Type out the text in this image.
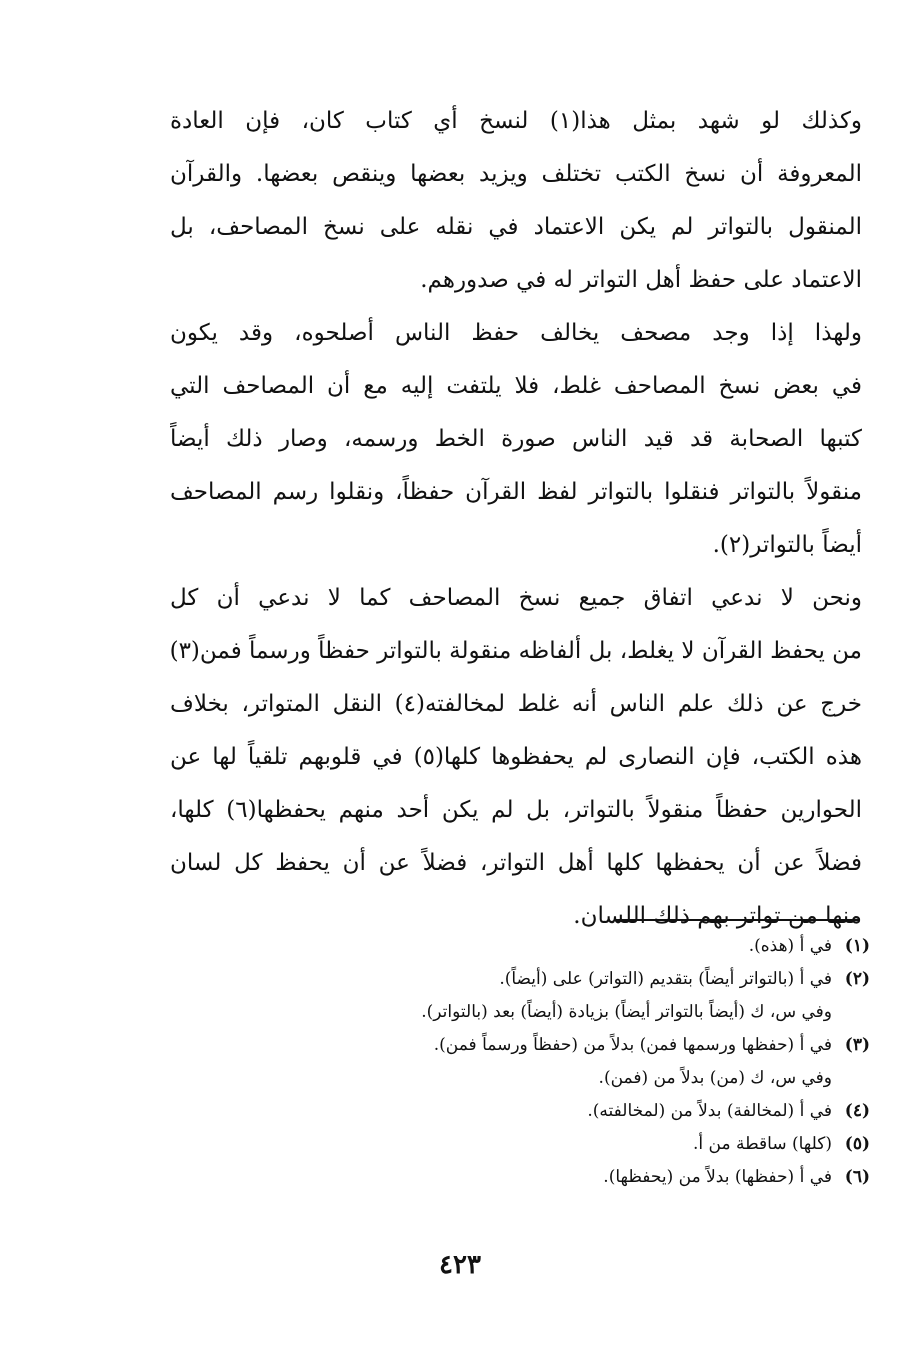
وكذلك لو شهد بمثل هذا(١) لنسخ أي كتاب كان، فإن العادة
المعروفة أن نسخ الكتب تختلف ويزيد بعضها وينقص بعضها. والقرآن
المنقول بالتواتر لم يكن الاعتماد في نقله على نسخ المصاحف، بل
الاعتماد على حفظ أهل التواتر له في صدورهم.
ولهذا إذا وجد مصحف يخالف حفظ الناس أصلحوه، وقد يكون
في بعض نسخ المصاحف غلط، فلا يلتفت إليه مع أن المصاحف التي
كتبها الصحابة قد قيد الناس صورة الخط ورسمه، وصار ذلك أيضاً
منقولاً بالتواتر فنقلوا بالتواتر لفظ القرآن حفظاً، ونقلوا رسم المصاحف
أيضاً بالتواتر(٢).
ونحن لا ندعي اتفاق جميع نسخ المصاحف كما لا ندعي أن كل
من يحفظ القرآن لا يغلط، بل ألفاظه منقولة بالتواتر حفظاً ورسماً فمن(٣)
خرج عن ذلك علم الناس أنه غلط لمخالفته(٤) النقل المتواتر، بخلاف
هذه الكتب، فإن النصارى لم يحفظوها كلها(٥) في قلوبهم تلقياً لها عن
الحوارين حفظاً منقولاً بالتواتر، بل لم يكن أحد منهم يحفظها(٦) كلها،
فضلاً عن أن يحفظها كلها أهل التواتر، فضلاً عن أن يحفظ كل لسان
منها من تواتر بهم ذلك اللسان.
(١)
في أ (هذه).
(٢)
في أ (بالتواتر أيضاً) بتقديم (التواتر) على (أيضاً).
وفي س، ك (أيضاً بالتواتر أيضاً) بزيادة (أيضاً) بعد (بالتواتر).
(٣)
في أ (حفظها ورسمها فمن) بدلاً من (حفظاً ورسماً فمن).
وفي س، ك (من) بدلاً من (فمن).
(٤)
في أ (لمخالفة) بدلاً من (لمخالفته).
(٥)
(كلها) ساقطة من أ.
(٦)
في أ (حفظها) بدلاً من (يحفظها).
٤٢٣
